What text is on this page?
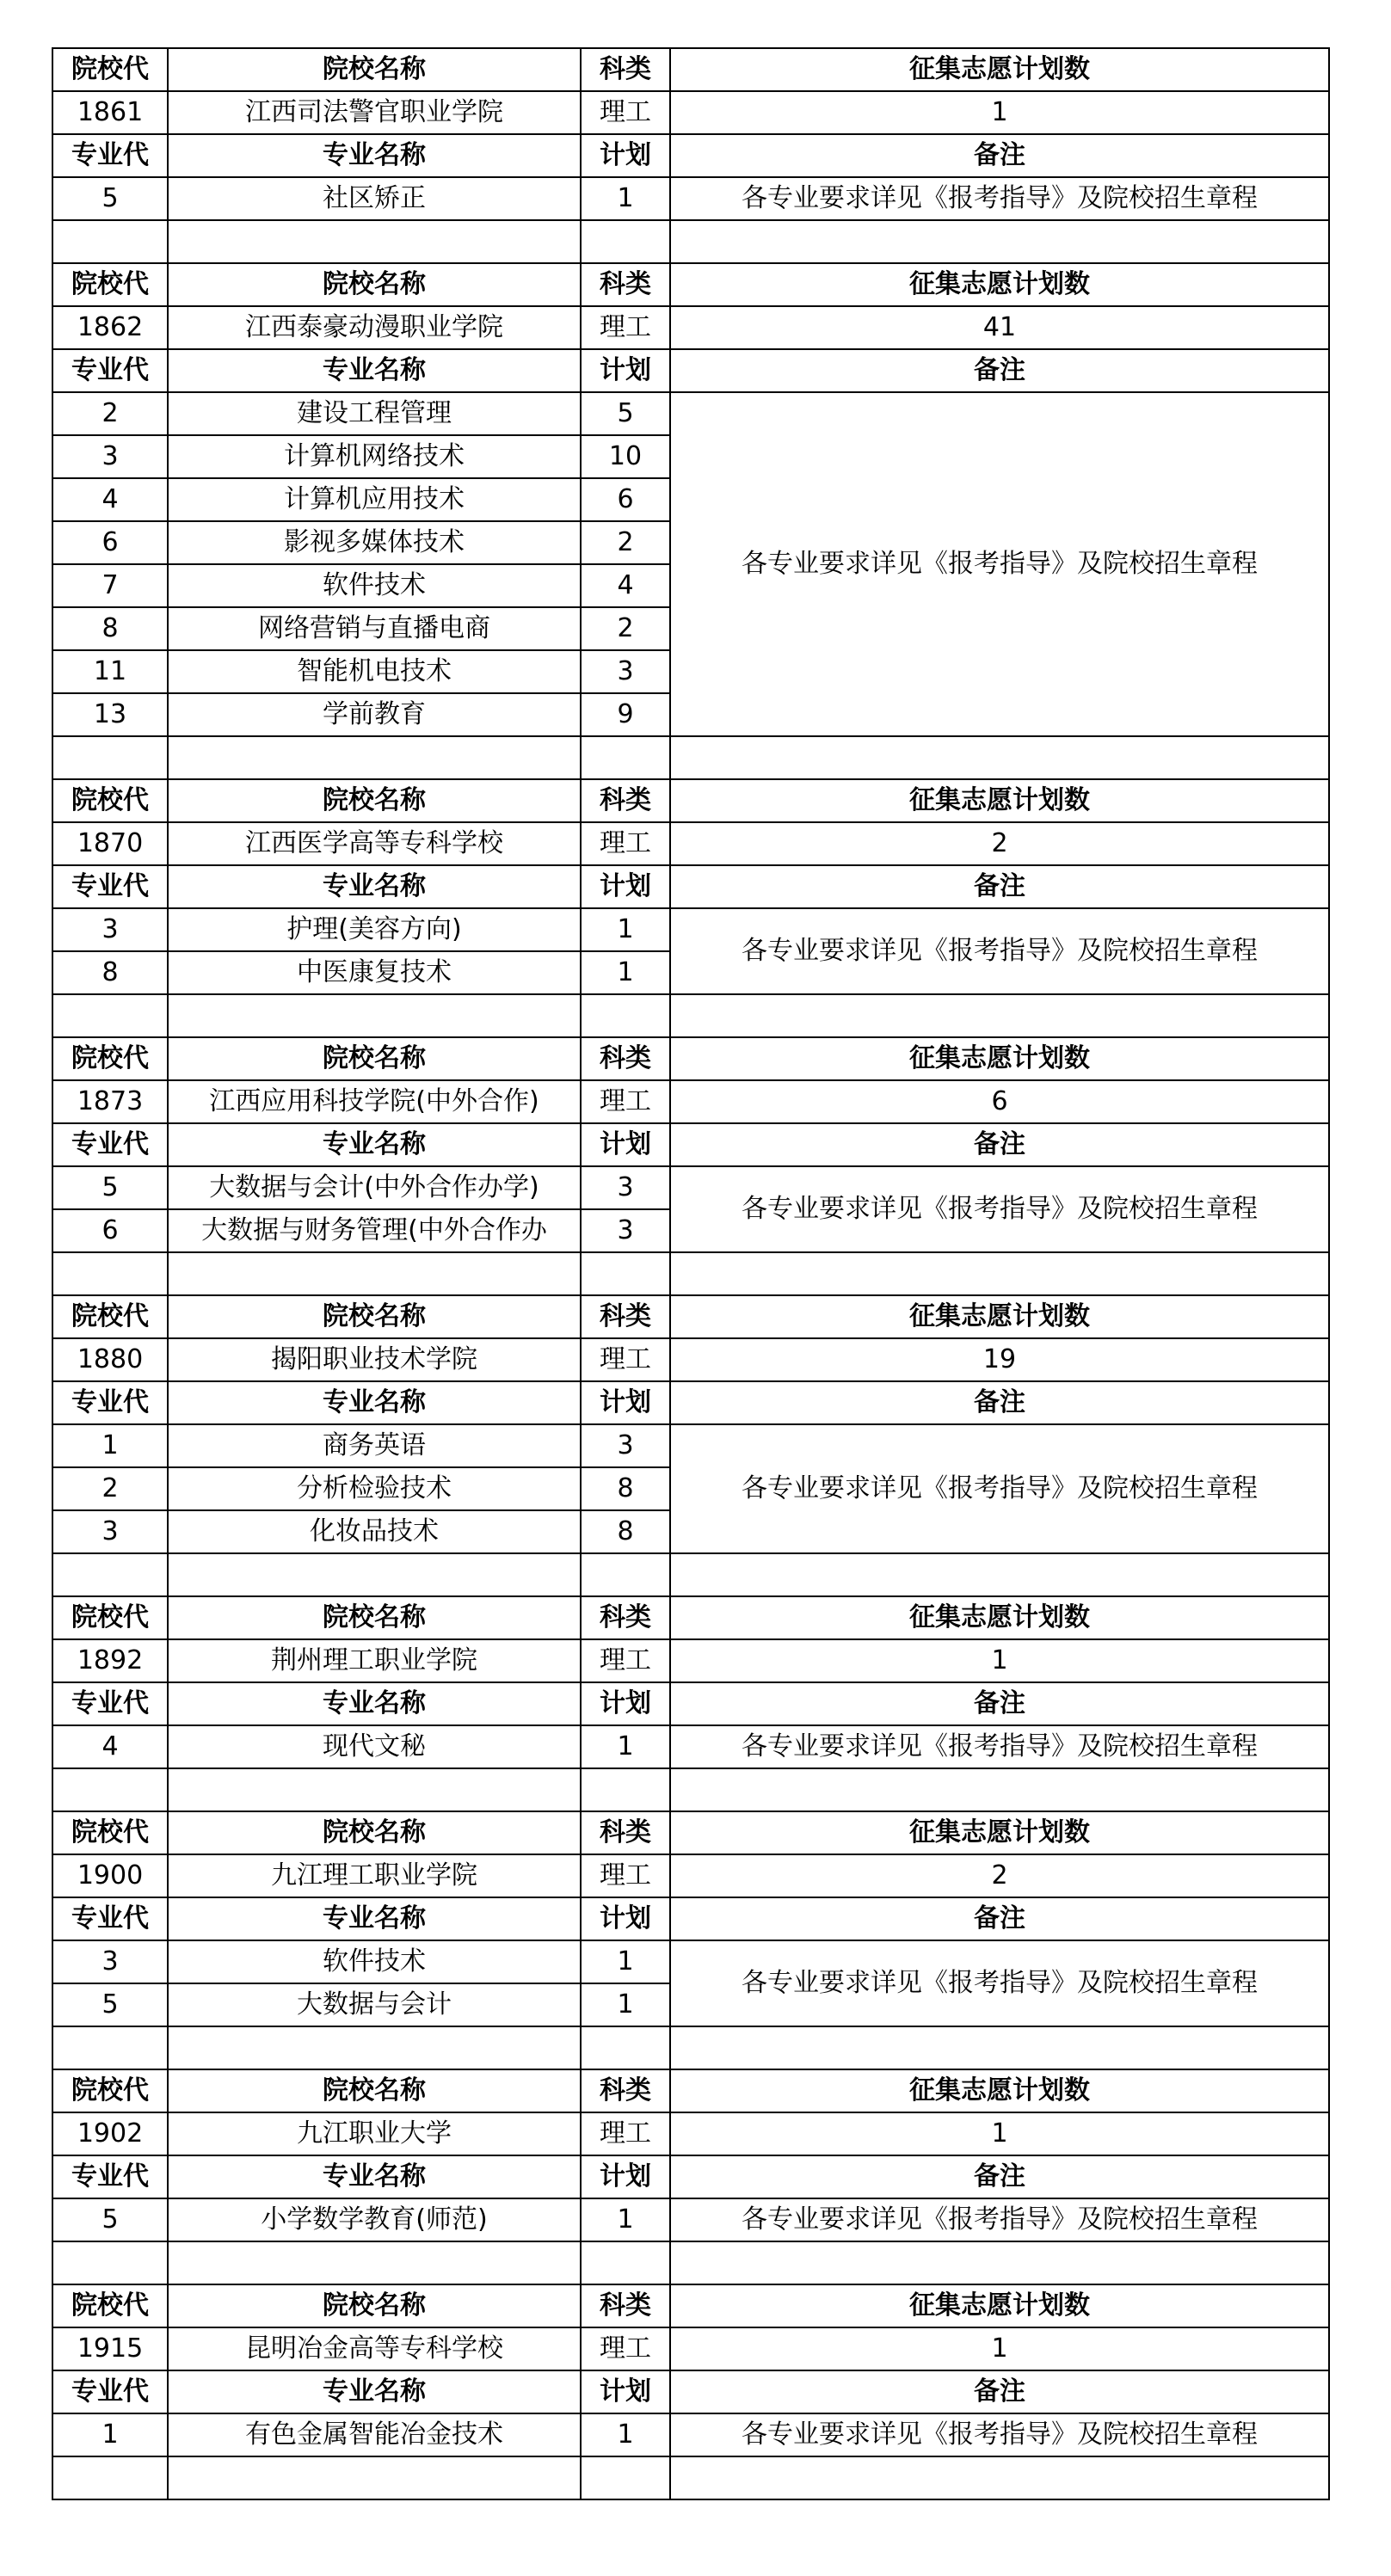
院校代	院校名称	科类	征集志愿计划数
1861	江西司法警官职业学院	理工	1
专业代	专业名称	计划	备注
5	社区矫正	1	各专业要求详见《报考指导》及院校招生章程

院校代	院校名称	科类	征集志愿计划数
1862	江西泰豪动漫职业学院	理工	41
专业代	专业名称	计划	备注
2	建设工程管理	5	各专业要求详见《报考指导》及院校招生章程
3	计算机网络技术	10	
4	计算机应用技术	6	
6	影视多媒体技术	2	
7	软件技术	4	
8	网络营销与直播电商	2	
11	智能机电技术	3	
13	学前教育	9	

院校代	院校名称	科类	征集志愿计划数
1870	江西医学高等专科学校	理工	2
专业代	专业名称	计划	备注
3	护理(美容方向)	1	各专业要求详见《报考指导》及院校招生章程
8	中医康复技术	1	

院校代	院校名称	科类	征集志愿计划数
1873	江西应用科技学院(中外合作)	理工	6
专业代	专业名称	计划	备注
5	大数据与会计(中外合作办学)	3	各专业要求详见《报考指导》及院校招生章程
6	大数据与财务管理(中外合作办	3	

院校代	院校名称	科类	征集志愿计划数
1880	揭阳职业技术学院	理工	19
专业代	专业名称	计划	备注
1	商务英语	3	各专业要求详见《报考指导》及院校招生章程
2	分析检验技术	8	
3	化妆品技术	8	

院校代	院校名称	科类	征集志愿计划数
1892	荆州理工职业学院	理工	1
专业代	专业名称	计划	备注
4	现代文秘	1	各专业要求详见《报考指导》及院校招生章程

院校代	院校名称	科类	征集志愿计划数
1900	九江理工职业学院	理工	2
专业代	专业名称	计划	备注
3	软件技术	1	各专业要求详见《报考指导》及院校招生章程
5	大数据与会计	1	

院校代	院校名称	科类	征集志愿计划数
1902	九江职业大学	理工	1
专业代	专业名称	计划	备注
5	小学数学教育(师范)	1	各专业要求详见《报考指导》及院校招生章程

院校代	院校名称	科类	征集志愿计划数
1915	昆明冶金高等专科学校	理工	1
专业代	专业名称	计划	备注
1	有色金属智能冶金技术	1	各专业要求详见《报考指导》及院校招生章程
